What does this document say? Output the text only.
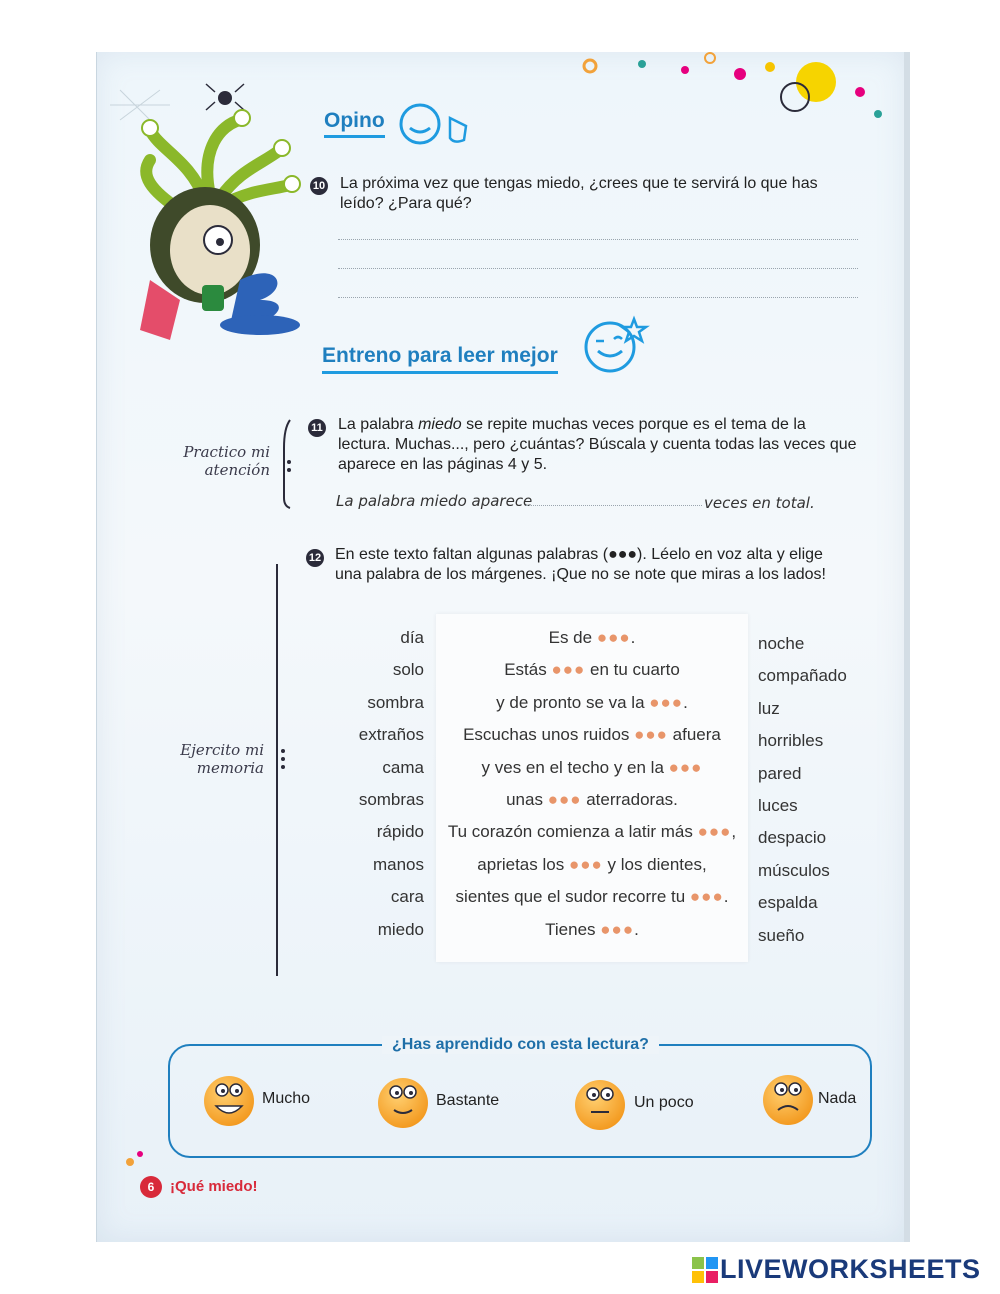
Opino
10 La próxima vez que tengas miedo, ¿crees que te servirá lo que has leído? ¿Para qué?
Entreno para leer mejor
Practico mi
atención
11 La palabra miedo se repite muchas veces porque es el tema de la lectura. Muchas..., pero ¿cuántas? Búscala y cuenta todas las veces que aparece en las páginas 4 y 5.
La palabra miedo aparece	veces en total.
12 En este texto faltan algunas palabras (●●●). Léelo en voz alta y elige una palabra de los márgenes. ¡Que no se note que miras a los lados!
Ejercito mi
memoria
día	Es de ●●●.	noche
solo	Estás ●●● en tu cuarto	compañado
sombra	y de pronto se va la ●●●.	luz
extraños	Escuchas unos ruidos ●●● afuera	horribles
cama	y ves en el techo y en la ●●●	pared
sombras	unas ●●● aterradoras.	luces
rápido	Tu corazón comienza a latir más ●●●,	despacio
manos	aprietas los ●●● y los dientes,	músculos
cara	sientes que el sudor recorre tu ●●●.	espalda
miedo	Tienes ●●●.	sueño
¿Has aprendido con esta lectura?
Mucho	Bastante	Un poco	Nada
6	¡Qué miedo!
LIVEWORKSHEETS
